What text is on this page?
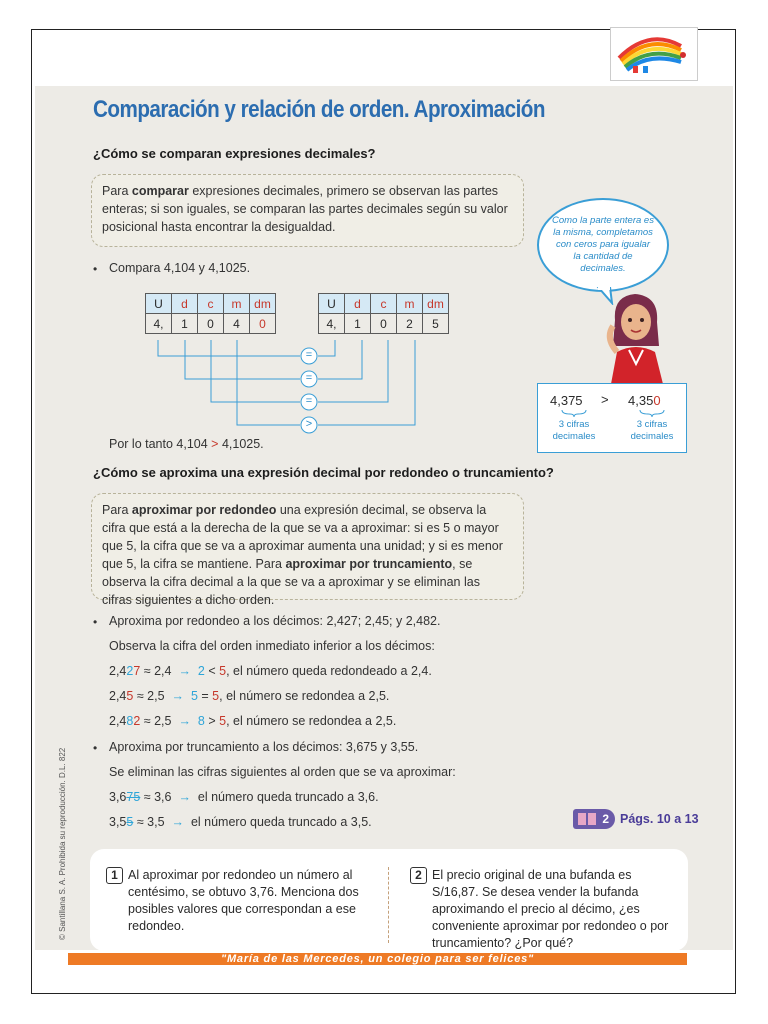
Comparación y relación de orden. Aproximación
¿Cómo se comparan expresiones decimales?
Para comparar expresiones decimales, primero se observan las partes enteras; si son iguales, se comparan las partes decimales según su valor posicional hasta encontrar la desigualdad.
• Compara 4,104 y 4,1025.
U	d	c	m	dm
4,	1	0	4	0
U	d	c	m	dm
4,	1	0	2	5
=
=
=
>
Por lo tanto 4,104 > 4,1025.
Como la parte entera es la misma, completamos con ceros para igualar la cantidad de decimales.
4,375 > 4,350
3 cifras decimales
3 cifras decimales
¿Cómo se aproxima una expresión decimal por redondeo o truncamiento?
Para aproximar por redondeo una expresión decimal, se observa la cifra que está a la derecha de la que se va a aproximar: si es 5 o mayor que 5, la cifra que se va a aproximar aumenta una unidad; y si es menor que 5, la cifra se mantiene. Para aproximar por truncamiento, se observa la cifra decimal a la que se va a aproximar y se eliminan las cifras siguientes a dicho orden.
• Aproxima por redondeo a los décimos: 2,427; 2,45; y 2,482.
Observa la cifra del orden inmediato inferior a los décimos:
2,427 ≈ 2,4 → 2 < 5, el número queda redondeado a 2,4.
2,45 ≈ 2,5 → 5 = 5, el número se redondea a 2,5.
2,482 ≈ 2,5 → 8 > 5, el número se redondea a 2,5.
• Aproxima por truncamiento a los décimos: 3,675 y 3,55.
Se eliminan las cifras siguientes al orden que se va aproximar:
3,675 ≈ 3,6 → el número queda truncado a 3,6.
3,55 ≈ 3,5 → el número queda truncado a 3,5.	2 Págs. 10 a 13
1 Al aproximar por redondeo un número al centésimo, se obtuvo 3,76. Menciona dos posibles valores que correspondan a ese redondeo.
2 El precio original de una bufanda es S/16,87. Se desea vender la bufanda aproximando el precio al décimo, ¿es conveniente aproximar por redondeo o por truncamiento? ¿Por qué?
"María de las Mercedes, un colegio para ser felices"
© Santillana S. A. Prohibida su reproducción. D.L. 822
